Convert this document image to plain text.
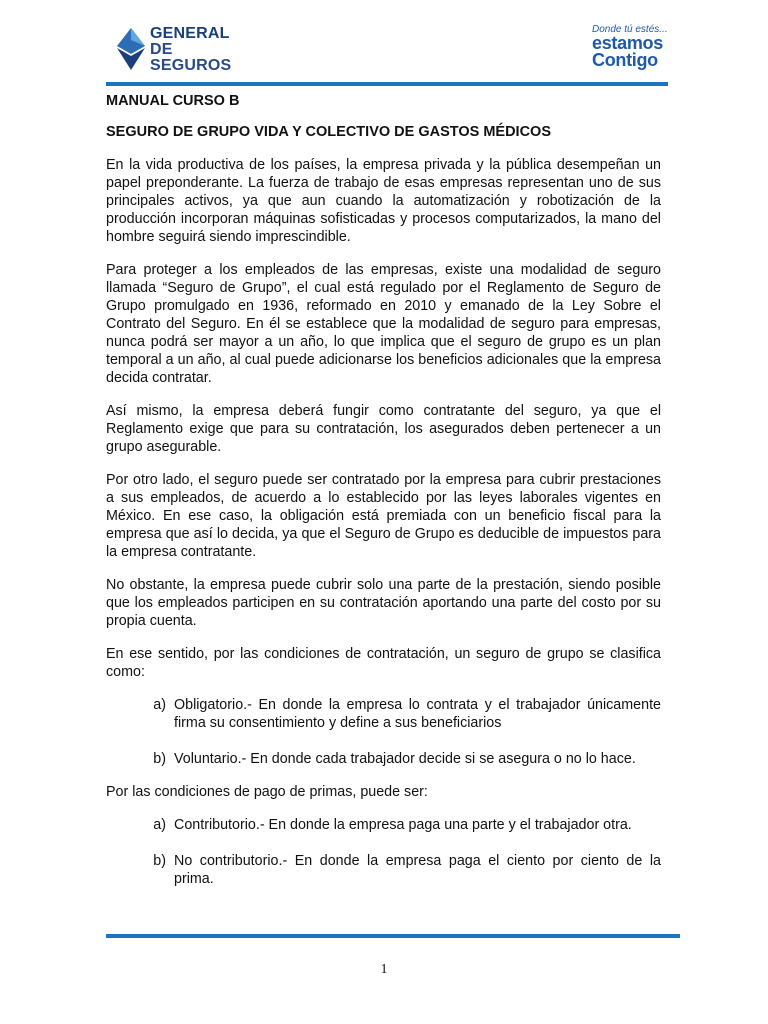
GENERAL
DE SEGUROS
Donde tú estés...
estamos
Contigo

MANUAL CURSO B

SEGURO DE GRUPO VIDA Y COLECTIVO DE GASTOS MÉDICOS

En la vida productiva de los países, la empresa privada y la pública desempeñan un papel preponderante. La fuerza de trabajo de esas empresas representan uno de sus principales activos, ya que aun cuando la automatización y robotización de la producción incorporan máquinas sofisticadas y procesos computarizados, la mano del hombre seguirá siendo imprescindible.

Para proteger a los empleados de las empresas, existe una modalidad de seguro llamada “Seguro de Grupo”, el cual está regulado por el Reglamento de Seguro de Grupo promulgado en 1936, reformado en 2010 y emanado de la Ley Sobre el Contrato del Seguro. En él se establece que la modalidad de seguro para empresas, nunca podrá ser mayor a un año, lo que implica que el seguro de grupo es un plan temporal a un año, al cual puede adicionarse los beneficios adicionales que la empresa decida contratar.

Así mismo, la empresa deberá fungir como contratante del seguro, ya que el Reglamento exige que para su contratación, los asegurados deben pertenecer a un grupo asegurable.

Por otro lado, el seguro puede ser contratado por la empresa para cubrir prestaciones a sus empleados, de acuerdo a lo establecido por las leyes laborales vigentes en México. En ese caso, la obligación está premiada con un beneficio fiscal para la empresa que así lo decida, ya que el Seguro de Grupo es deducible de impuestos para la empresa contratante.

No obstante, la empresa puede cubrir solo una parte de la prestación, siendo posible que los empleados participen en su contratación aportando una parte del costo por su propia cuenta.

En ese sentido, por las condiciones de contratación, un seguro de grupo se clasifica como:

a) Obligatorio.- En donde la empresa lo contrata y el trabajador únicamente firma su consentimiento y define a sus beneficiarios
b) Voluntario.- En donde cada trabajador decide si se asegura o no lo hace.

Por las condiciones de pago de primas, puede ser:

a) Contributorio.- En donde la empresa paga una parte y el trabajador otra.
b) No contributorio.- En donde la empresa paga el ciento por ciento de la prima.
1
